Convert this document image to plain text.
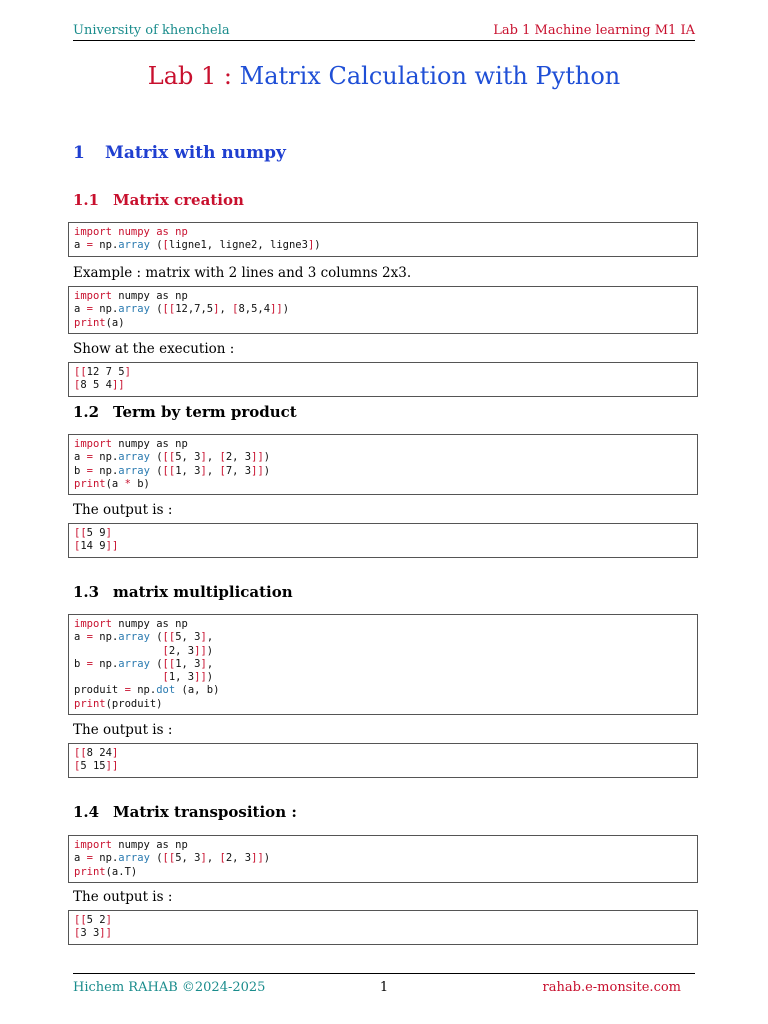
University of khenchela	Lab 1 Machine learning M1 IA
Lab 1 : Matrix Calculation with Python
1 Matrix with numpy
1.1 Matrix creation
import numpy as np
a = np.array ([ligne1, ligne2, ligne3])
Example : matrix with 2 lines and 3 columns 2x3.
import numpy as np
a = np.array ([[12,7,5], [8,5,4]])
print(a)
Show at the execution :
[[12 7 5]
[8 5 4]]
1.2 Term by term product
import numpy as np
a = np.array ([[5, 3], [2, 3]])
b = np.array ([[1, 3], [7, 3]])
print(a * b)
The output is :
[[5 9]
[14 9]]
1.3 matrix multiplication
import numpy as np
a = np.array ([[5, 3],
[2, 3]])
b = np.array ([[1, 3],
[1, 3]])
produit = np.dot (a, b)
print(produit)
The output is :
[[8 24]
[5 15]]
1.4 Matrix transposition :
import numpy as np
a = np.array ([[5, 3], [2, 3]])
print(a.T)
The output is :
[[5 2]
[3 3]]
Hichem RAHAB ©2024-2025	1	rahab.e-monsite.com
